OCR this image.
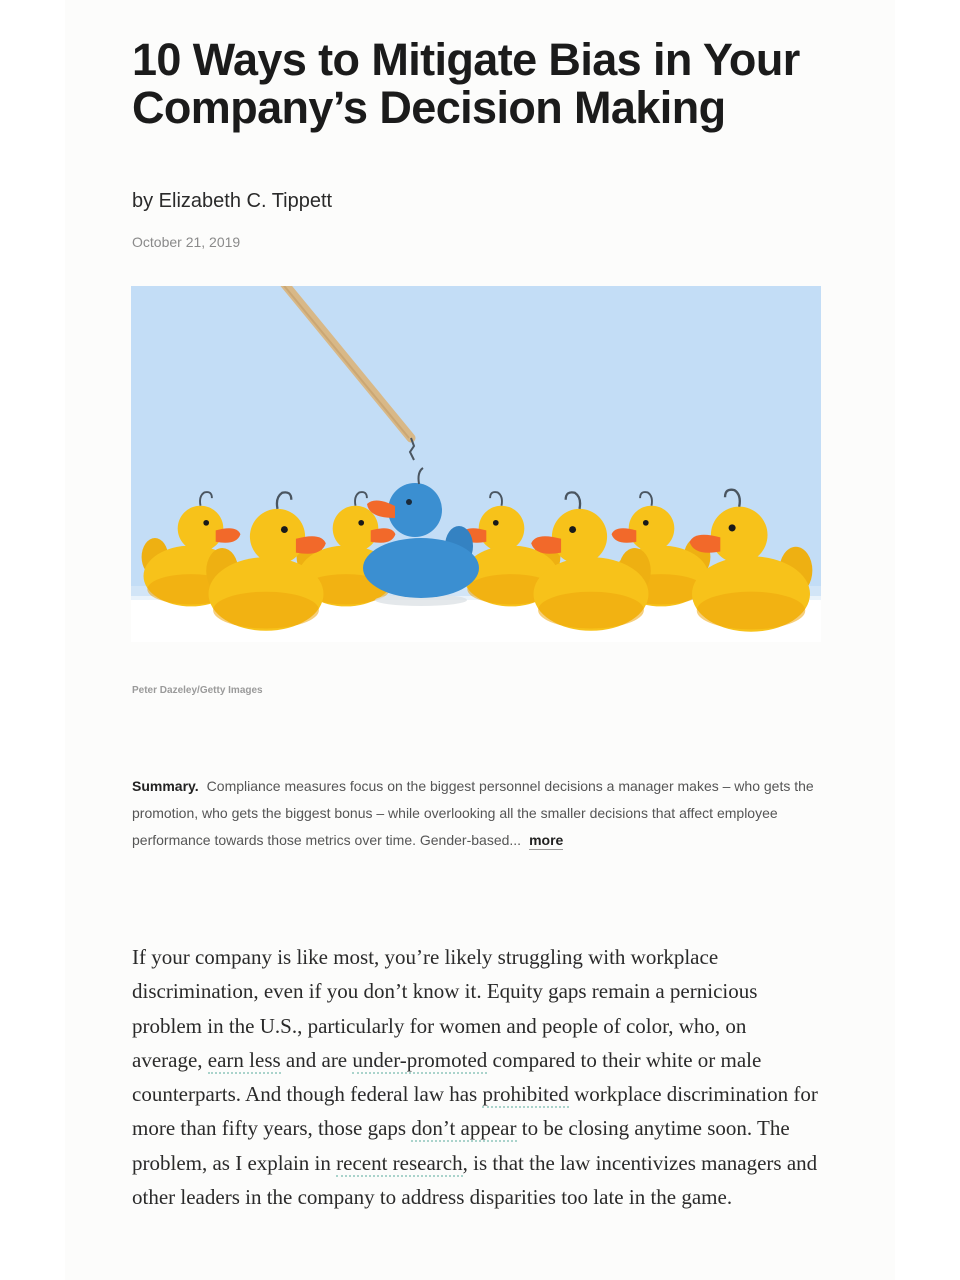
10 Ways to Mitigate Bias in Your Company’s Decision Making

by Elizabeth C. Tippett

October 21, 2019

Peter Dazeley/Getty Images
Summary. Compliance measures focus on the biggest personnel decisions a manager makes – who gets the promotion, who gets the biggest bonus – while overlooking all the smaller decisions that affect employee performance towards those metrics over time. Gender-based... more

If your company is like most, you’re likely struggling with workplace discrimination, even if you don’t know it. Equity gaps remain a pernicious problem in the U.S., particularly for women and people of color, who, on average, earn less and are under-promoted compared to their white or male counterparts. And though federal law has prohibited workplace discrimination for more than fifty years, those gaps don’t appear to be closing anytime soon. The problem, as I explain in recent research, is that the law incentivizes managers and other leaders in the company to address disparities too late in the game.
